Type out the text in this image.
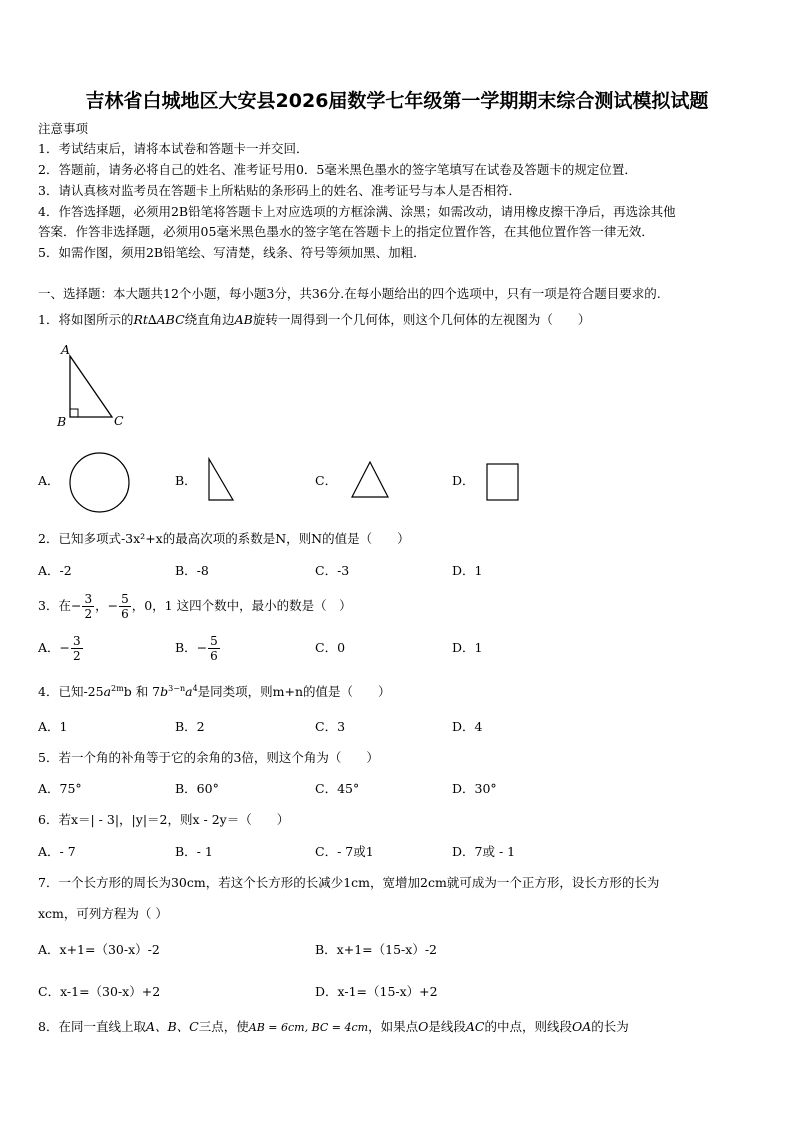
吉林省白城地区大安县2026届数学七年级第一学期期末综合测试模拟试题
注意事项
1．考试结束后，请将本试卷和答题卡一并交回．
2．答题前，请务必将自己的姓名、准考证号用0．5毫米黑色墨水的签字笔填写在试卷及答题卡的规定位置．
3．请认真核对监考员在答题卡上所粘贴的条形码上的姓名、准考证号与本人是否相符．
4．作答选择题，必须用2B铅笔将答题卡上对应选项的方框涂满、涂黑；如需改动，请用橡皮擦干净后，再选涂其他
答案．作答非选择题，必须用05毫米黑色墨水的签字笔在答题卡上的指定位置作答，在其他位置作答一律无效．
5．如需作图，须用2B铅笔绘、写清楚，线条、符号等须加黑、加粗．
一、选择题：本大题共12个小题，每小题3分，共36分.在每小题给出的四个选项中，只有一项是符合题目要求的.
1．将如图所示的Rt∆ABC绕直角边AB旋转一周得到一个几何体，则这个几何体的左视图为（　　）
A
B	C
A．	B．	C．	D．
2．已知多项式-3x²+x的最高次项的系数是N，则N的值是（　　）
A．-2	B．-8	C．-3	D．1
3．在− $\frac{3}{2}$ ，− $\frac{5}{6}$ ，0，1 这四个数中，最小的数是（　）
A．− $\frac{3}{2}$	B．− $\frac{5}{6}$	C．0	D．1
4．已知$-25a^{2m}b$ 和 $7b^{3-n}a^4$是同类项，则m+n的值是（　　）
A．1	B．2	C．3	D．4
5．若一个角的补角等于它的余角的3倍，则这个角为（　　）
A．75°	B．60°	C．45°	D．30°
6．若x＝| - 3|，|y|＝2，则x - 2y＝（　　）
A．- 7	B．- 1	C．- 7或1	D．7或 - 1
7．一个长方形的周长为30cm，若这个长方形的长减少1cm，宽增加2cm就可成为一个正方形，设长方形的长为
xcm，可列方程为（ ）
A．x+1=（30-x）-2	B．x+1=（15-x）-2
C．x-1=（30-x）+2	D．x-1=（15-x）+2
8．在同一直线上取A、B、C三点，使AB = 6cm, BC = 4cm，如果点O是线段AC的中点，则线段OA的长为
